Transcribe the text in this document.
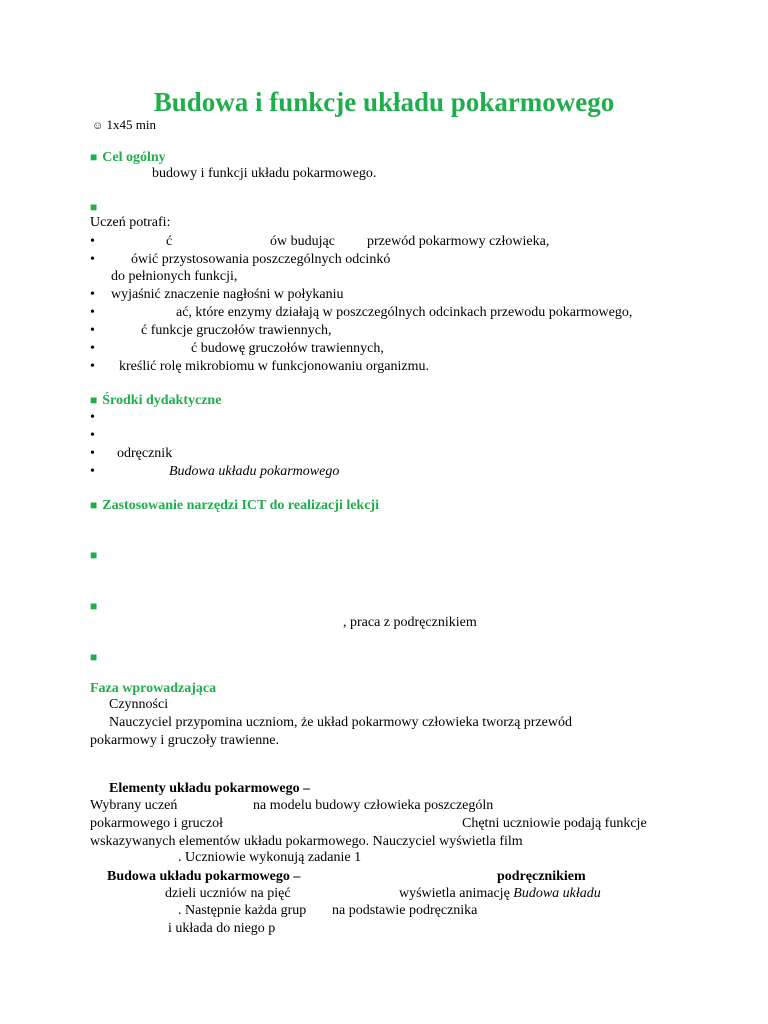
Budowa i funkcje układu pokarmowego
☺ 1x45 min
■ Cel ogólny
budowy i funkcji układu pokarmowego.
■
Uczeń potrafi:
•	ć	ów budując przewód pokarmowy człowieka,
•	ówić przystosowania poszczególnych odcinkó
do pełnionych funkcji,
• wyjaśnić znaczenie nagłośni w połykaniu
•	ać, które enzymy działają w poszczególnych odcinkach przewodu pokarmowego,
•	ć funkcje gruczołów trawiennych,
•	ć budowę gruczołów trawiennych,
• kreślić rolę mikrobiomu w funkcjonowaniu organizmu.
■ Środki dydaktyczne
•
•
• odręcznik
•	Budowa układu pokarmowego
■ Zastosowanie narzędzi ICT do realizacji lekcji
■
■
, praca z podręcznikiem
■
Faza wprowadzająca
Czynności
Nauczyciel przypomina uczniom, że układ pokarmowy człowieka tworzą przewód
pokarmowy i gruczoły trawienne.
Elementy układu pokarmowego –
Wybrany uczeń	na modelu budowy człowieka poszczególn
pokarmowego i gruczoł	Chętni uczniowie podają funkcje
wskazywanych elementów układu pokarmowego. Nauczyciel wyświetla film
. Uczniowie wykonują zadanie 1
Budowa układu pokarmowego –	podręcznikiem
dzieli uczniów na pięć	wyświetla animację Budowa układu
. Następnie każda grup na podstawie podręcznika
i układa do niego p
